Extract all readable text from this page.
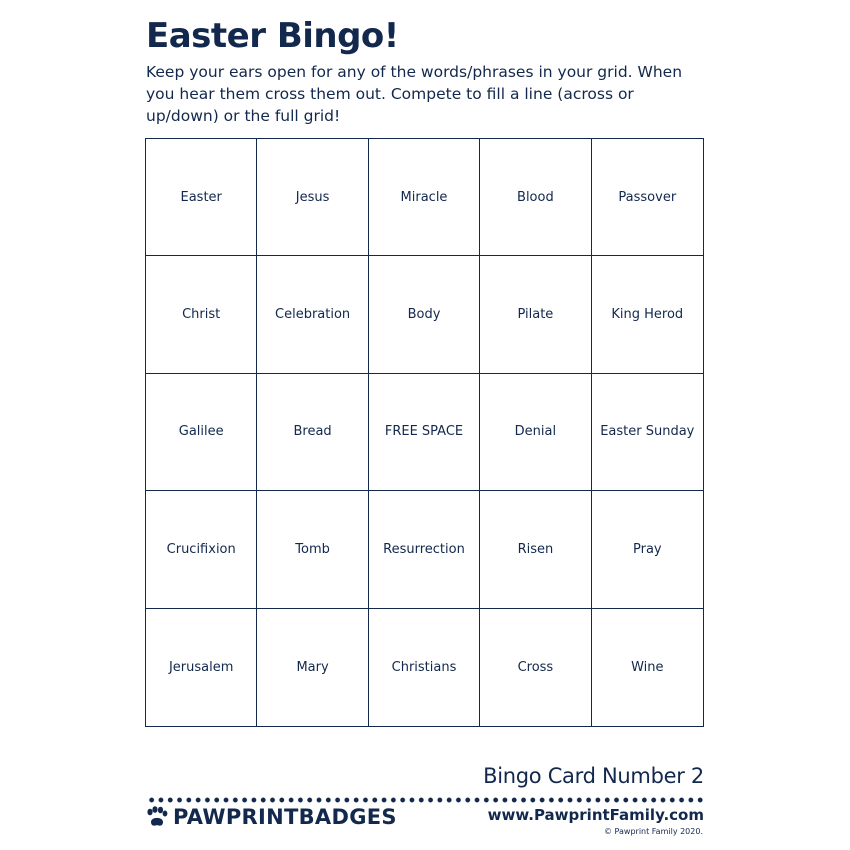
Easter Bingo!

Keep your ears open for any of the words/phrases in your grid. When you hear them cross them out. Compete to fill a line (across or up/down) or the full grid!

Easter	Jesus	Miracle	Blood	Passover
Christ	Celebration	Body	Pilate	King Herod
Galilee	Bread	FREE SPACE	Denial	Easter Sunday
Crucifixion	Tomb	Resurrection	Risen	Pray
Jerusalem	Mary	Christians	Cross	Wine
Bingo Card Number 2
PAWPRINTBADGES	www.PawprintFamily.com
© Pawprint Family 2020.
